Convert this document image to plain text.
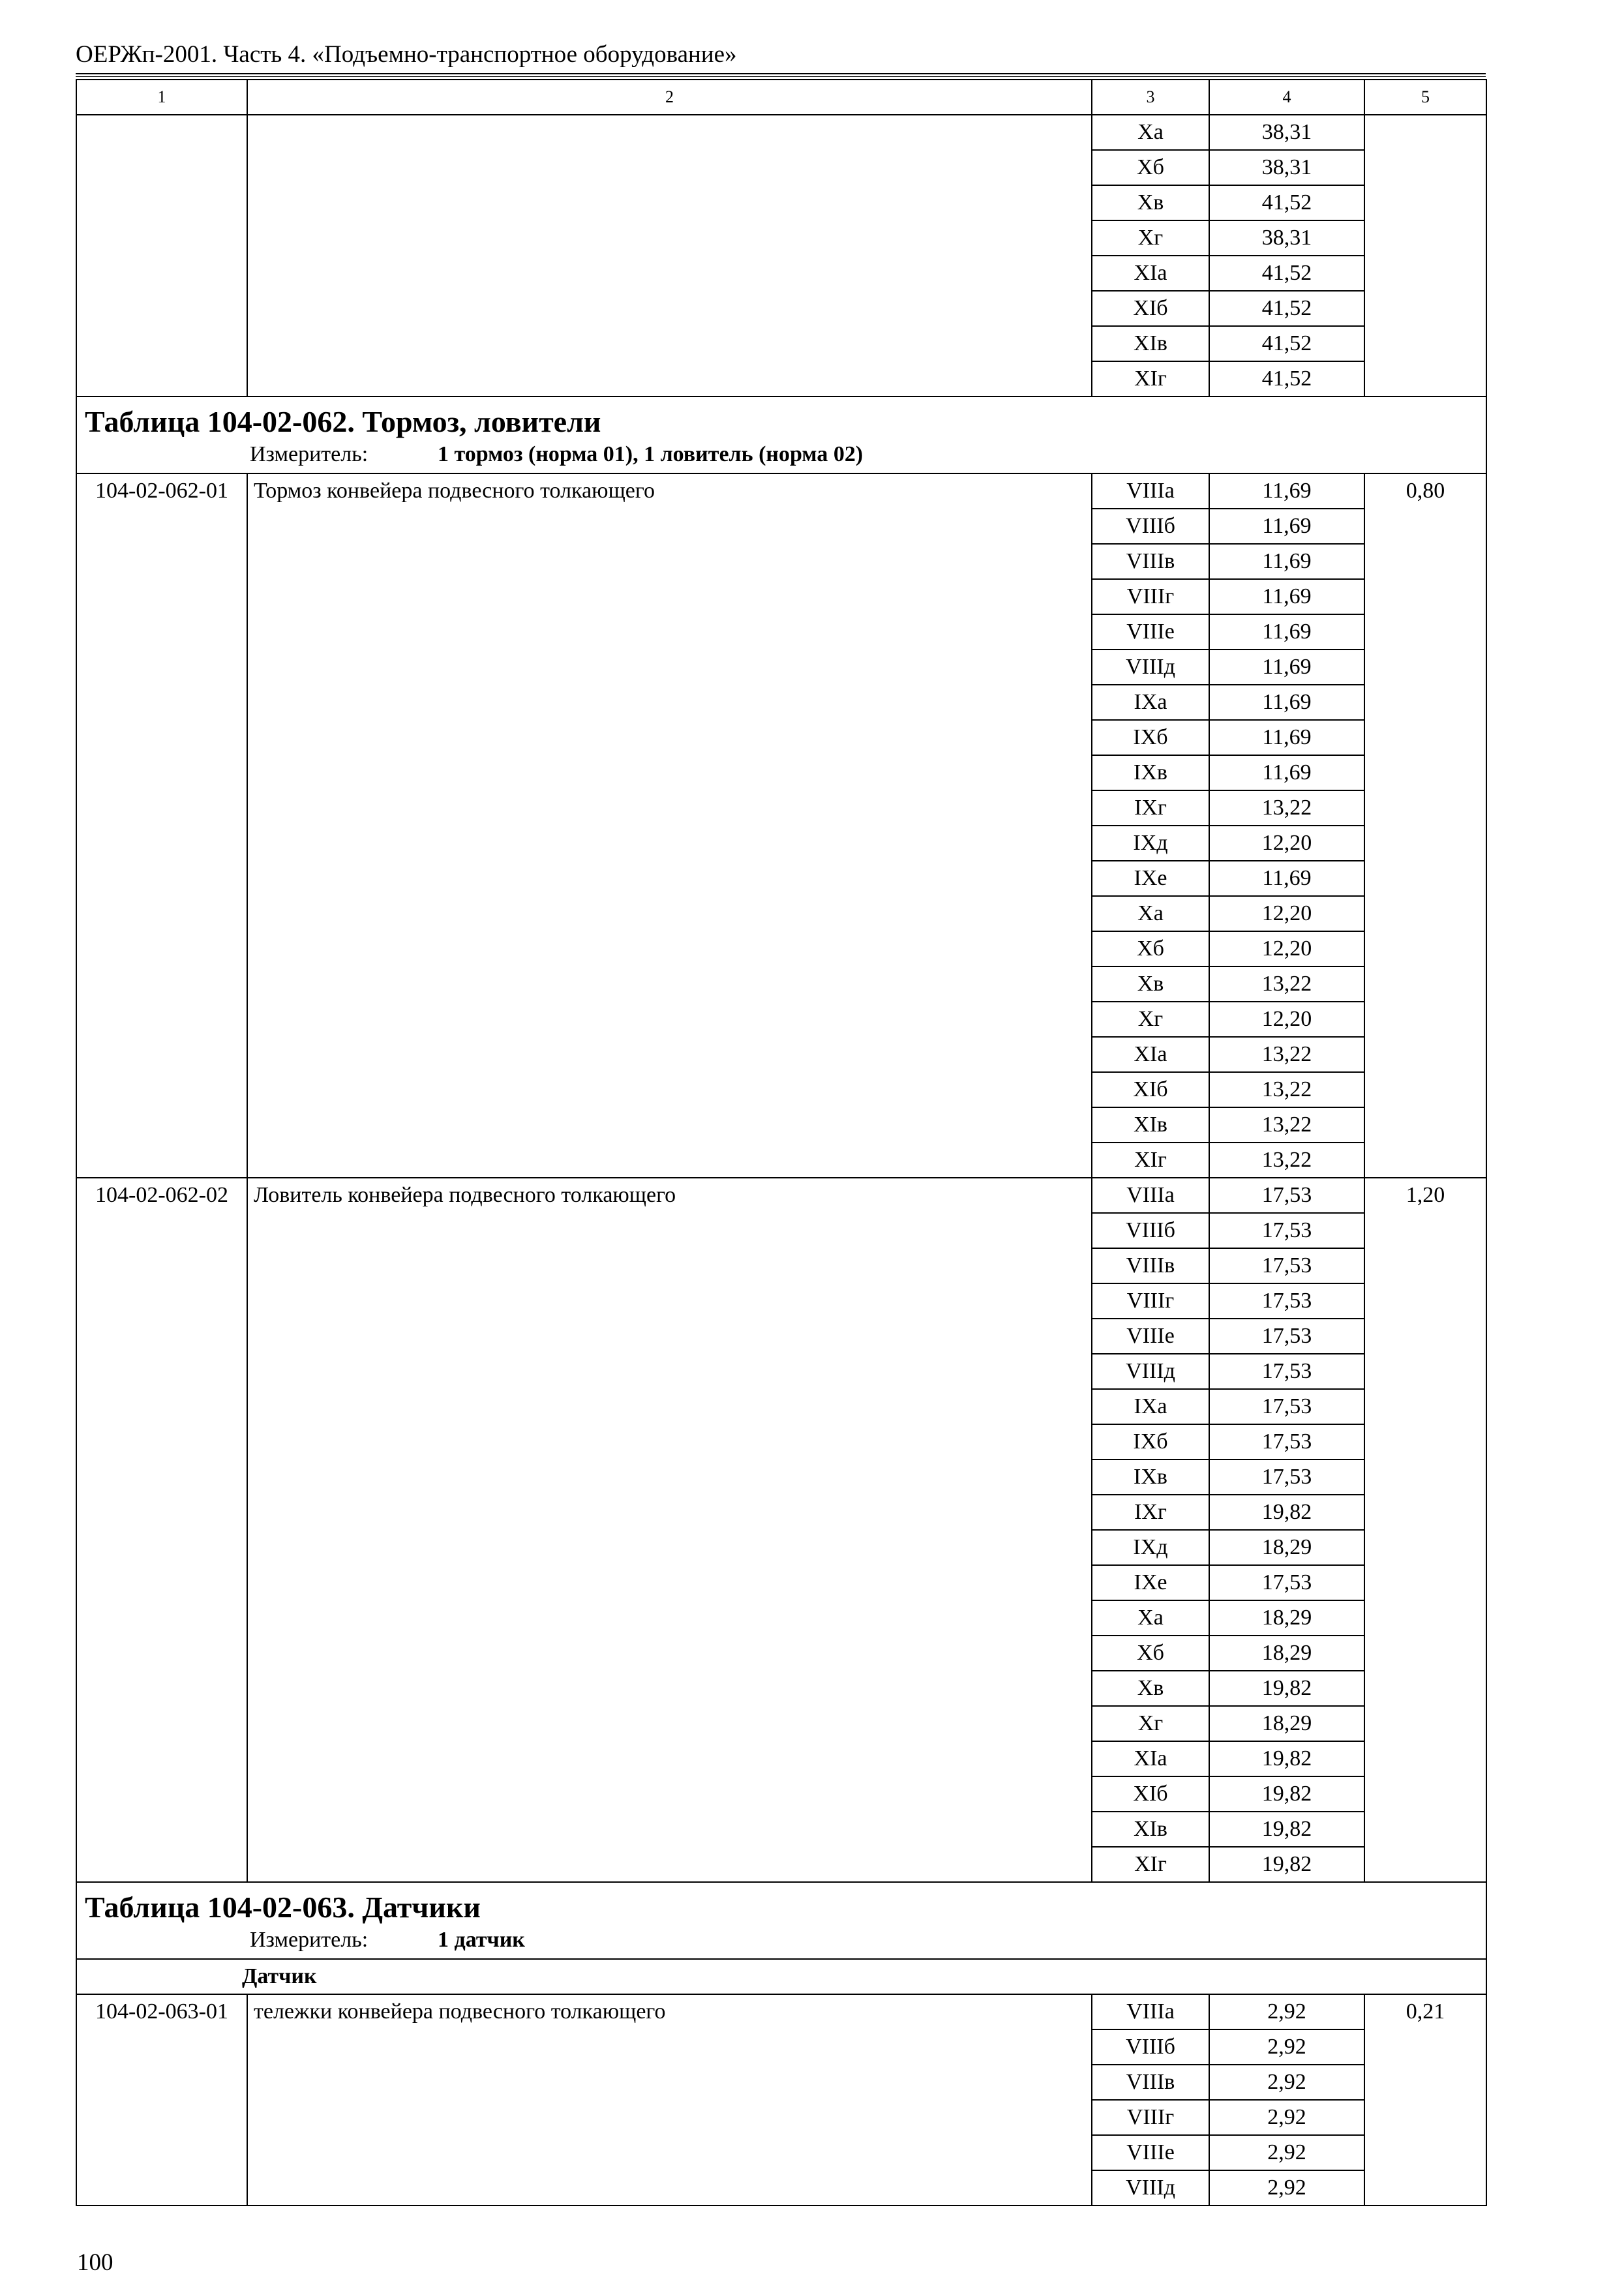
ОЕРЖп-2001. Часть 4. «Подъемно-транспортное оборудование»
1	2	3	4	5
		Xа	38,31	
		Xб	38,31	
		Xв	41,52	
		Xг	38,31	
		XIа	41,52	
		XIб	41,52	
		XIв	41,52	
		XIг	41,52	

Таблица 104-02-062. Тормоз, ловители
Измеритель: 1 тормоз (норма 01), 1 ловитель (норма 02)				

104-02-062-01	Тормоз конвейера подвесного толкающего	VIIIа	11,69	0,80
		VIIIб	11,69	
		VIIIв	11,69	
		VIIIг	11,69	
		VIIIе	11,69	
		VIIIд	11,69	
		IXа	11,69	
		IXб	11,69	
		IXв	11,69	
		IXг	13,22	
		IXд	12,20	
		IXе	11,69	
		Xа	12,20	
		Xб	12,20	
		Xв	13,22	
		Xг	12,20	
		XIа	13,22	
		XIб	13,22	
		XIв	13,22	
		XIг	13,22	
104-02-062-02	Ловитель конвейера подвесного толкающего	VIIIа	17,53	1,20
		VIIIб	17,53	
		VIIIв	17,53	
		VIIIг	17,53	
		VIIIе	17,53	
		VIIIд	17,53	
		IXа	17,53	
		IXб	17,53	
		IXв	17,53	
		IXг	19,82	
		IXд	18,29	
		IXе	17,53	
		Xа	18,29	
		Xб	18,29	
		Xв	19,82	
		Xг	18,29	
		XIа	19,82	
		XIб	19,82	
		XIв	19,82	
		XIг	19,82	

Таблица 104-02-063. Датчики
Измеритель: 1 датчик				

Датчик				
104-02-063-01	тележки конвейера подвесного толкающего	VIIIа	2,92	0,21
		VIIIб	2,92	
		VIIIв	2,92	
		VIIIг	2,92	
		VIIIе	2,92	
		VIIIд	2,92	
100
